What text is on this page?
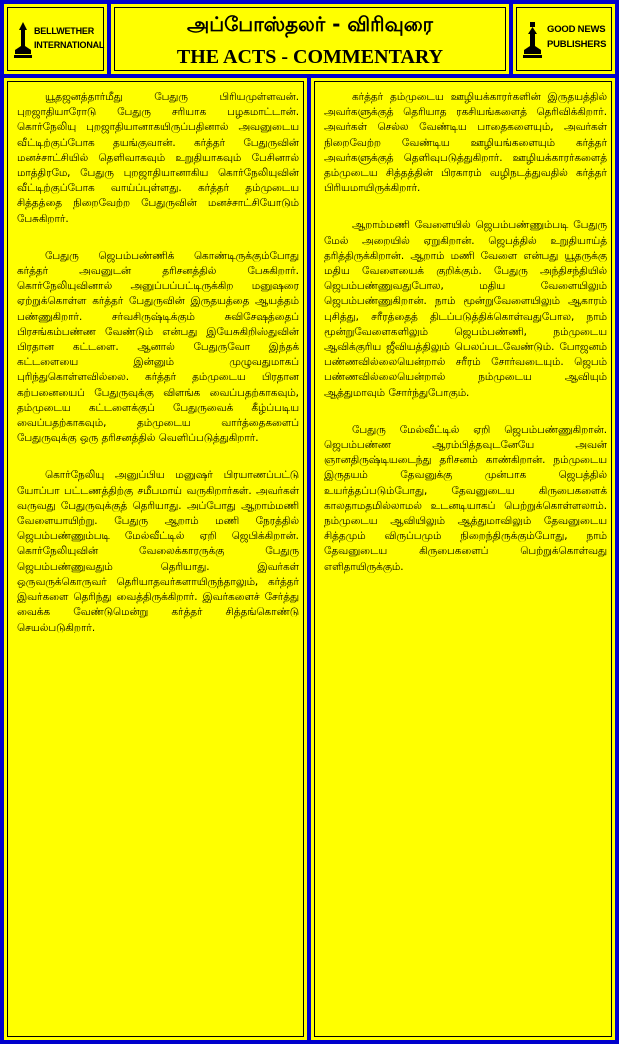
BELLWETHER INTERNATIONAL
அப்போஸ்தலர் - விரிவுரை
THE ACTS - COMMENTARY
GOOD NEWS PUBLISHERS

யூதஜனத்தார்மீது பேதுரு பிரியமுள்ளவன். புறஜாதியாரோடு பேதுரு சரியாக பழகமாட்டான். கொர்நேலியு புறஜாதியானாகயிருப்பதினால் அவனுடைய வீட்டிற்குப்போக தயங்குவான். கர்த்தர் பேதுருவின் மனச்சாட்சியில் தெளிவாகவும் உறுதியாகவும் பேசினால் மாத்திரமே, பேதுரு புறஜாதியானாகிய கொர்நேலியுவின் வீட்டிற்குப்போக வாய்ப்புள்ளது. கர்த்தர் தம்முடைய சித்தத்தை நிறைவேற்ற பேதுருவின் மனச்சாட்சியோடும் பேசுகிறார்.

பேதுரு ஜெபம்பண்ணிக் கொண்டிருக்கும்போது கர்த்தர் அவனுடன் தரிசனத்தில் பேசுகிறார். கொர்நேலியுவினால் அனுப்பப்பட்டிருக்கிற மனுஷரை ஏற்றுக்கொள்ள கர்த்தர் பேதுருவின் இருதயத்தை ஆயத்தம் பண்ணுகிறார். சர்வசிருஷ்டிக்கும் சுவிசேஷத்தைப் பிரசங்கம்பண்ண வேண்டும் என்பது இயேசுகிறிஸ்துவின் பிரதான கட்டளை. ஆனால் பேதுருவோ இந்தக் கட்டளையை இன்னும் முழுவதுமாகப் புரிந்துகொள்ளவில்லை. கர்த்தர் தம்முடைய பிரதான கற்பனையைப் பேதுருவுக்கு விளங்க வைப்பதற்காகவும், தம்முடைய கட்டளைக்குப் பேதுருவைக் கீழ்ப்படிய வைப்பதற்காகவும், தம்முடைய வார்த்தைகளைப் பேதுருவுக்கு ஒரு தரிசனத்தில் வெளிப்படுத்துகிறார்.

கொர்நேலியு அனுப்பிய மனுஷர் பிரயாணப்பட்டு யோப்பா பட்டணத்திற்கு சமீபமாய் வருகிறார்கள். அவர்கள் வருவது பேதுருவுக்குத் தெரியாது. அப்போது ஆறாம்மணி வேளையாயிற்று. பேதுரு ஆறாம் மணி நேரத்தில் ஜெபம்பண்ணும்படி மேல்வீட்டில் ஏறி ஜெபிக்கிறான். கொர்நேலியுவின் வேலைக்காரருக்கு பேதுரு ஜெபம்பண்ணுவதும் தெரியாது. இவர்கள் ஒருவருக்கொருவர் தெரியாதவர்களாயிருந்தாலும், கர்த்தர் இவர்களை தெரிந்து வைத்திருக்கிறார். இவர்களைச் சேர்த்து வைக்க வேண்டுமென்று கர்த்தர் சித்தங்கொண்டு செயல்படுகிறார்.

கர்த்தர் தம்முடைய ஊழியக்காரர்களின் இருதயத்தில் அவர்களுக்குத் தெரியாத ரகசியங்களைத் தெரிவிக்கிறார். அவர்கள் செல்ல வேண்டிய பாதைகளையும், அவர்கள் நிறைவேற்ற வேண்டிய ஊழியங்களையும் கர்த்தர் அவர்களுக்குத் தெளிவுபடுத்துகிறார். ஊழியக்காரர்களைத் தம்முடைய சித்தத்தின் பிரகாரம் வழிநடத்துவதில் கர்த்தர் பிரியமாயிருக்கிறார்.

ஆறாம்மணி வேளையில் ஜெபம்பண்ணும்படி பேதுரு மேல் அறையில் ஏறுகிறான். ஜெபத்தில் உறுதியாய்த் தரித்திருக்கிறான். ஆறாம் மணி வேளை என்பது யூதருக்கு மதிய வேளையைக் குறிக்கும். பேதுரு அந்திசந்தியில் ஜெபம்பண்ணுவதுபோல, மதிய வேளையிலும் ஜெபம்பண்ணுகிறான். நாம் மூன்றுவேளையிலும் ஆகாரம் புசித்து, சரீரத்தைத் திடப்படுத்திக்கொள்வதுபோல, நாம் மூன்றுவேளைகளிலும் ஜெபம்பண்ணி, நம்முடைய ஆவிக்குரிய ஜீவியத்திலும் பெலப்படவேண்டும். போஜனம் பண்ணவில்லையென்றால் சரீரம் சோர்வடையும். ஜெபம் பண்ணவில்லையென்றால் நம்முடைய ஆவியும் ஆத்துமாவும் சோர்ந்துபோகும்.

பேதுரு மேல்வீட்டில் ஏறி ஜெபம்பண்ணுகிறான். ஜெபம்பண்ண ஆரம்பித்தவுடனேயே அவன் ஞானதிருஷ்டியடைந்து தரிசனம் காண்கிறான். நம்முடைய இருதயம் தேவனுக்கு முன்பாக ஜெபத்தில் உயர்த்தப்படும்போது, தேவனுடைய கிருபைகளைக் காலதாமதமில்லாமல் உடனடியாகப் பெற்றுக்கொள்ளலாம். நம்முடைய ஆவியிலும் ஆத்துமாவிலும் தேவனுடைய சித்தமும் விருப்பமும் நிறைந்திருக்கும்போது, நாம் தேவனுடைய கிருபைகளைப் பெற்றுக்கொள்வது எளிதாயிருக்கும்.
